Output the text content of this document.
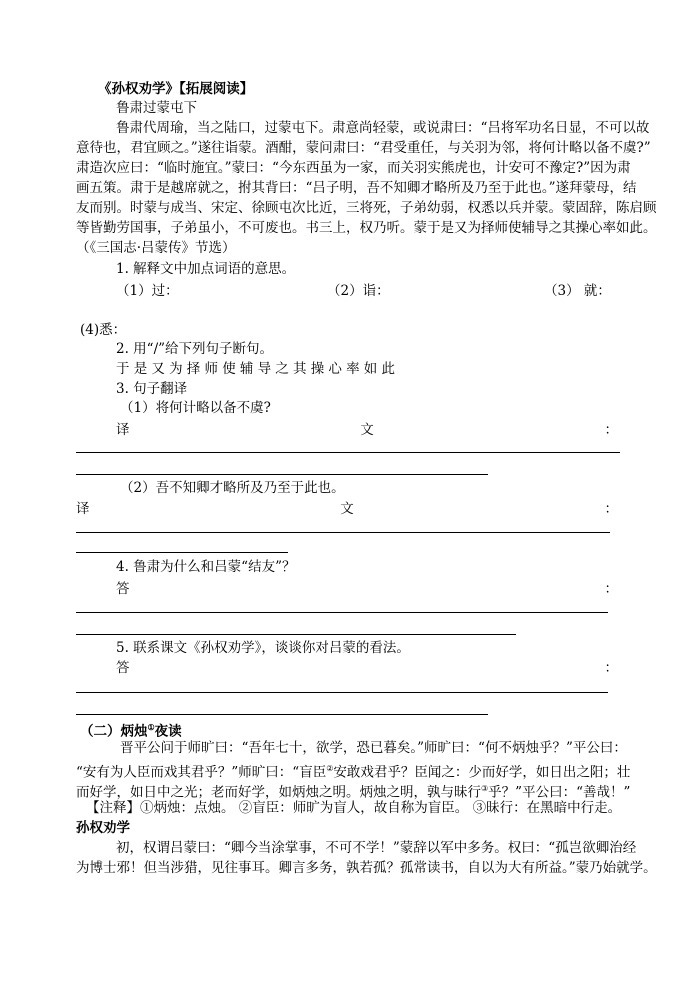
《孙权劝学》【拓展阅读】
鲁肃过蒙屯下
鲁肃代周瑜，当之陆口，过蒙屯下。肃意尚轻蒙，或说肃曰：“吕将军功名日显，不可以故
意待也，君宜顾之。”遂往诣蒙。酒酣，蒙问肃曰：“君受重任，与关羽为邻，将何计略以备不虞?”
肃造次应曰：“临时施宜。”蒙曰：“今东西虽为一家，而关羽实熊虎也，计安可不豫定?”因为肃
画五策。肃于是越席就之，拊其背曰：“吕子明，吾不知卿才略所及乃至于此也。”遂拜蒙母，结
友而别。时蒙与成当、宋定、徐顾屯次比近，三将死，子弟幼弱，权悉以兵并蒙。蒙固辞，陈启顾
等皆勤劳国事，子弟虽小，不可废也。书三上，权乃听。蒙于是又为择师使辅导之其操心率如此。
（《三国志·吕蒙传》节选）
1. 解释文中加点词语的意思。
（1）过：	（2）诣：	（3） 就：
(4)悉：
2. 用“/”给下列句子断句。
于是又为择师使辅导之其操心率如此
3. 句子翻译
（1）将何计略以备不虞?
译	文	：
（2）吾不知卿才略所及乃至于此也。
译	文	：
4. 鲁肃为什么和吕蒙“结友”？
答	：
5. 联系课文《孙权劝学》，谈谈你对吕蒙的看法。
答	：
（二）炳烛①夜读
晋平公问于师旷曰：“吾年七十，欲学，恐已暮矣。”师旷曰：“何不炳烛乎？”平公曰：
“安有为人臣而戏其君乎？”师旷曰：“盲臣②安敢戏君乎？臣闻之：少而好学，如日出之阳；壮
而好学，如日中之光；老而好学，如炳烛之明。炳烛之明，孰与昧行③乎？”平公曰：“善哉！”
【注释】①炳烛：点烛。 ②盲臣：师旷为盲人，故自称为盲臣。 ③昧行：在黑暗中行走。
孙权劝学
初，权谓吕蒙曰：“卿今当涂掌事，不可不学！”蒙辞以军中多务。权曰：“孤岂欲卿治经
为博士邪！但当涉猎，见往事耳。卿言多务，孰若孤？孤常读书，自以为大有所益。”蒙乃始就学。
